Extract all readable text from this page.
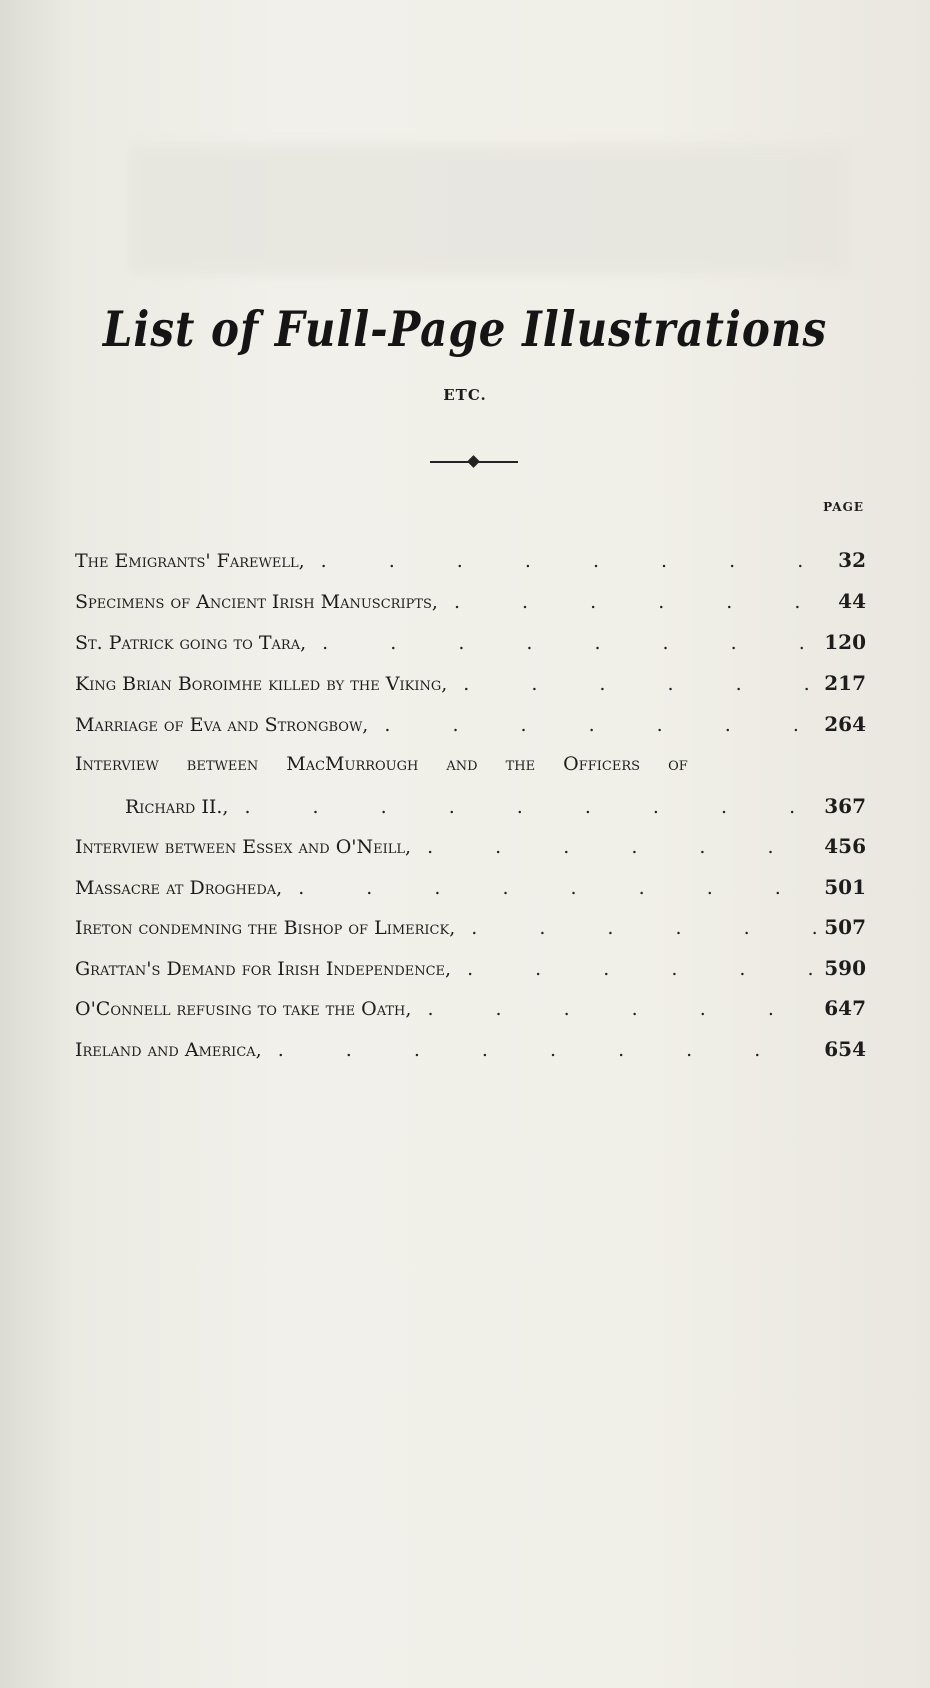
List of Full-Page Illustrations
ETC.
PAGE
The Emigrants' Farewell, . . .	32
Specimens of Ancient Irish Manuscripts, . . .	44
St. Patrick going to Tara, . . .	120
King Brian Boroimhe killed by the Viking, . . .	217
Marriage of Eva and Strongbow, . . .	264
Interview between MacMurrough and the Officers of
Richard II., . . .	367
Interview between Essex and O'Neill, . . .	456
Massacre at Drogheda, . . .	501
Ireton condemning the Bishop of Limerick, . . .	507
Grattan's Demand for Irish Independence, . . .	590
O'Connell refusing to take the Oath, . . .	647
Ireland and America, . . .	654
